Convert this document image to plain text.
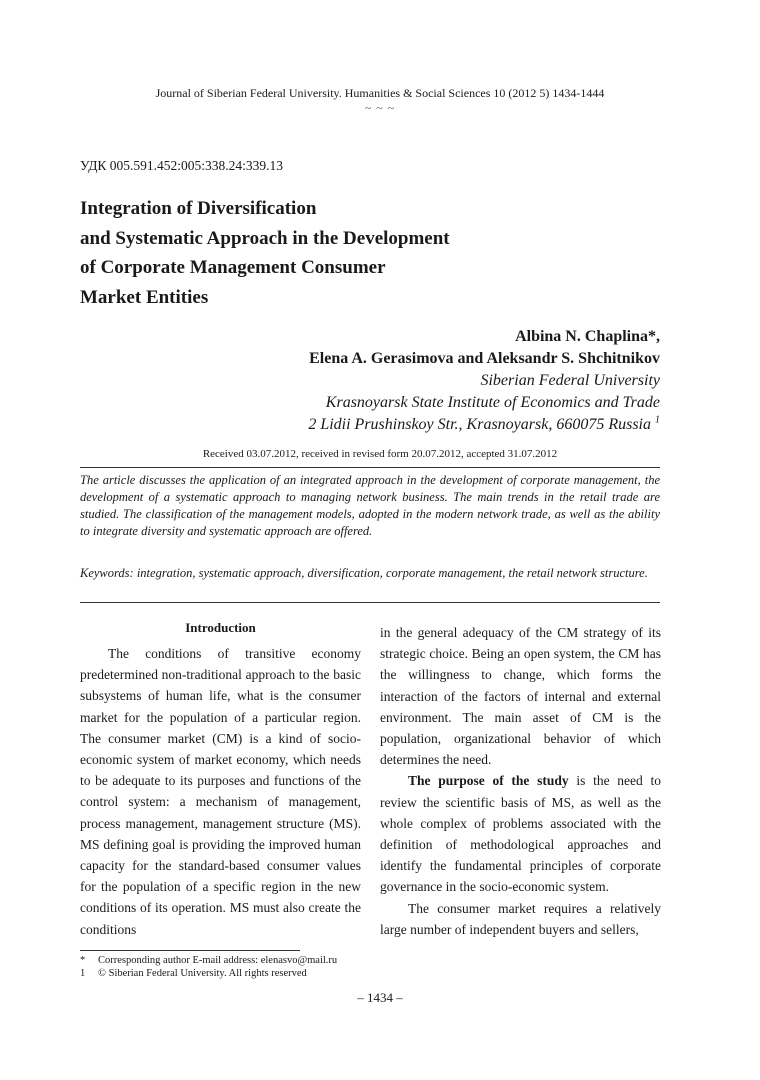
Journal of Siberian Federal University. Humanities & Social Sciences 10 (2012 5) 1434-1444
~ ~ ~
УДК 005.591.452:005:338.24:339.13
Integration of Diversification
and Systematic Approach in the Development
of Corporate Management Consumer
Market Entities
Albina N. Chaplina*,
Elena A. Gerasimova and Aleksandr S. Shchitnikov
Siberian Federal University
Krasnoyarsk State Institute of Economics and Trade
2 Lidii Prushinskoy Str., Krasnoyarsk, 660075 Russia $^1$
Received 03.07.2012, received in revised form 20.07.2012, accepted 31.07.2012
The article discusses the application of an integrated approach in the development of corporate management, the development of a systematic approach to managing network business. The main trends in the retail trade are studied. The classification of the management models, adopted in the modern network trade, as well as the ability to integrate diversity and systematic approach are offered.
Keywords: integration, systematic approach, diversification, corporate management, the retail network structure.
Introduction

The conditions of transitive economy predetermined non-traditional approach to the basic subsystems of human life, what is the consumer market for the population of a particular region. The consumer market (CM) is a kind of socio-economic system of market economy, which needs to be adequate to its purposes and functions of the control system: a mechanism of management, process management, management structure (MS). MS defining goal is providing the improved human capacity for the standard-based consumer values for the population of a specific region in the new conditions of its operation. MS must also create the conditions

in the general adequacy of the CM strategy of its strategic choice. Being an open system, the CM has the willingness to change, which forms the interaction of the factors of internal and external environment. The main asset of CM is the population, organizational behavior of which determines the need.

The purpose of the study is the need to review the scientific basis of MS, as well as the whole complex of problems associated with the definition of methodological approaches and identify the fundamental principles of corporate governance in the socio-economic system.

The consumer market requires a relatively large number of independent buyers and sellers,

* Corresponding author E-mail address: elenasvo@mail.ru
1 © Siberian Federal University. All rights reserved
– 1434 –
